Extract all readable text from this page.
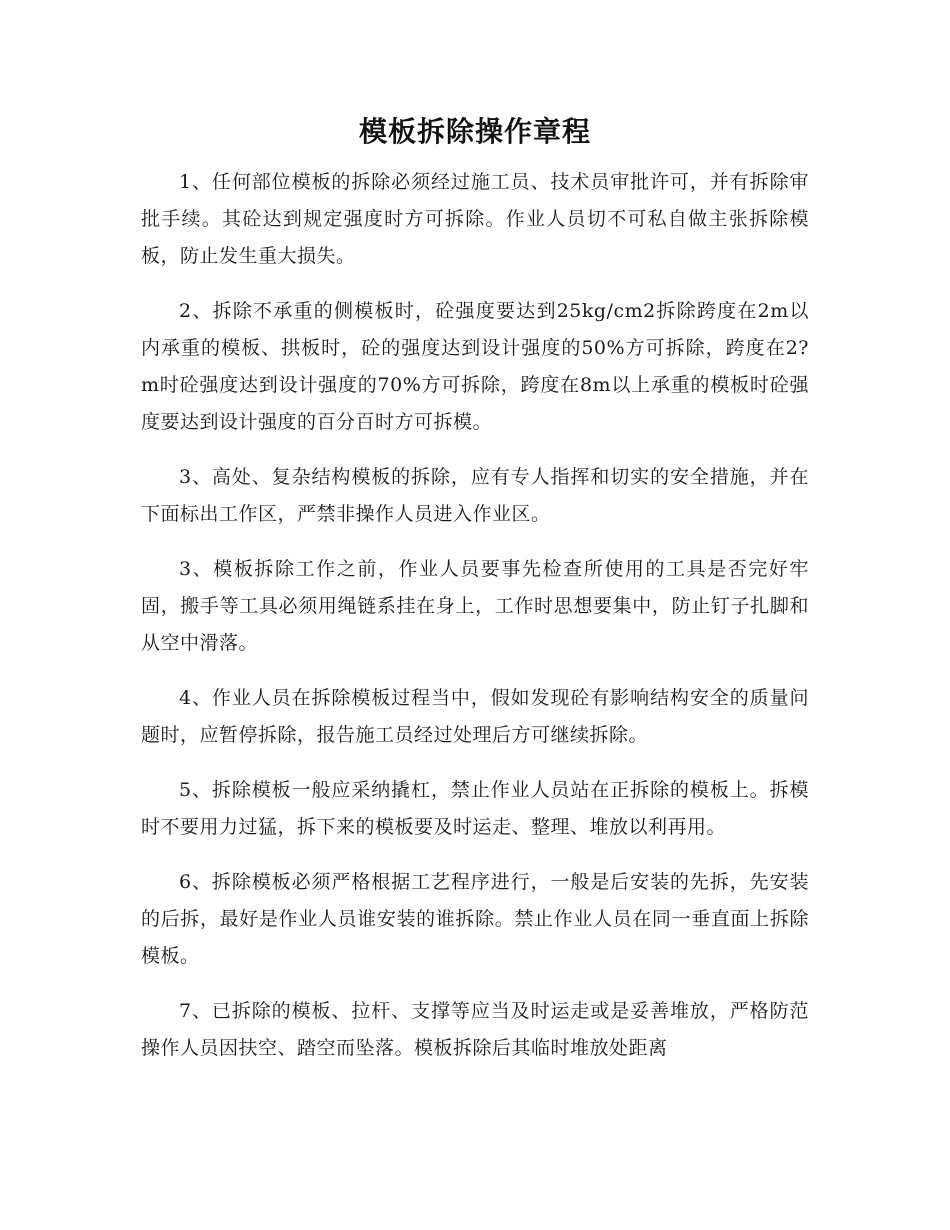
模板拆除操作章程

1、任何部位模板的拆除必须经过施工员、技术员审批许可，并有拆除审批手续。其砼达到规定强度时方可拆除。作业人员切不可私自做主张拆除模板，防止发生重大损失。

2、拆除不承重的侧模板时，砼强度要达到25kg/cm2拆除跨度在2m以内承重的模板、拱板时，砼的强度达到设计强度的50%方可拆除，跨度在2?m时砼强度达到设计强度的70%方可拆除，跨度在8m以上承重的模板时砼强度要达到设计强度的百分百时方可拆模。

3、高处、复杂结构模板的拆除，应有专人指挥和切实的安全措施，并在下面标出工作区，严禁非操作人员进入作业区。

3、模板拆除工作之前，作业人员要事先检查所使用的工具是否完好牢固，搬手等工具必须用绳链系挂在身上，工作时思想要集中，防止钉子扎脚和从空中滑落。

4、作业人员在拆除模板过程当中，假如发现砼有影响结构安全的质量问题时，应暂停拆除，报告施工员经过处理后方可继续拆除。

5、拆除模板一般应采纳撬杠，禁止作业人员站在正拆除的模板上。拆模时不要用力过猛，拆下来的模板要及时运走、整理、堆放以利再用。

6、拆除模板必须严格根据工艺程序进行，一般是后安装的先拆，先安装的后拆，最好是作业人员谁安装的谁拆除。禁止作业人员在同一垂直面上拆除模板。

7、已拆除的模板、拉杆、支撑等应当及时运走或是妥善堆放，严格防范操作人员因扶空、踏空而坠落。模板拆除后其临时堆放处距离
